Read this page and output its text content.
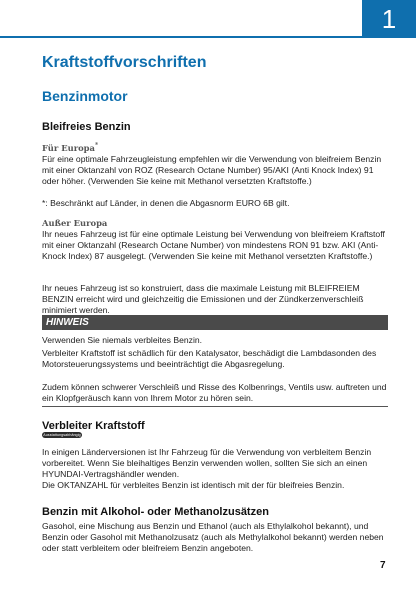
1
Kraftstoffvorschriften
Benzinmotor
Bleifreies Benzin
Für Europa*
Für eine optimale Fahrzeugleistung empfehlen wir die Verwendung von bleifreiem Benzin mit einer Oktanzahl von ROZ (Research Octane Number) 95/AKI (Anti Knock Index) 91 oder höher. (Verwenden Sie keine mit Methanol versetzten Kraftstoffe.)
*: Beschränkt auf Länder, in denen die Abgasnorm EURO 6B gilt.
Außer Europa
Ihr neues Fahrzeug ist für eine optimale Leistung bei Verwendung von bleifreiem Kraftstoff mit einer Oktanzahl (Research Octane Number) von mindestens RON 91 bzw. AKI (Anti-Knock Index) 87 ausgelegt. (Verwenden Sie keine mit Methanol versetzten Kraftstoffe.)
Ihr neues Fahrzeug ist so konstruiert, dass die maximale Leistung mit BLEIFREIEM BENZIN erreicht wird und gleichzeitig die Emissionen und der Zündkerzenverschleiß minimiert werden.
HINWEIS
Verwenden Sie niemals verbleites Benzin.
Verbleiter Kraftstoff ist schädlich für den Katalysator, beschädigt die Lambdasonden des Motorsteuerungssystems und beeinträchtigt die Abgasregelung.
Zudem können schwerer Verschleiß und Risse des Kolbenrings, Ventils usw. auftreten und ein Klopfgeräusch kann von Ihrem Motor zu hören sein.
Verbleiter Kraftstoff
Ausstattungsabhängig
In einigen Länderversionen ist Ihr Fahrzeug für die Verwendung von verbleitem Benzin vorbereitet. Wenn Sie bleihaltiges Benzin verwenden wollen, sollten Sie sich an einen HYUNDAI-Vertragshändler wenden.
Die OKTANZAHL für verbleites Benzin ist identisch mit der für bleifreies Benzin.
Benzin mit Alkohol- oder Methanolzusätzen
Gasohol, eine Mischung aus Benzin und Ethanol (auch als Ethylalkohol bekannt), und Benzin oder Gasohol mit Methanolzusatz (auch als Methylalkohol bekannt) werden neben oder statt verbleitem oder bleifreiem Benzin angeboten.
7
